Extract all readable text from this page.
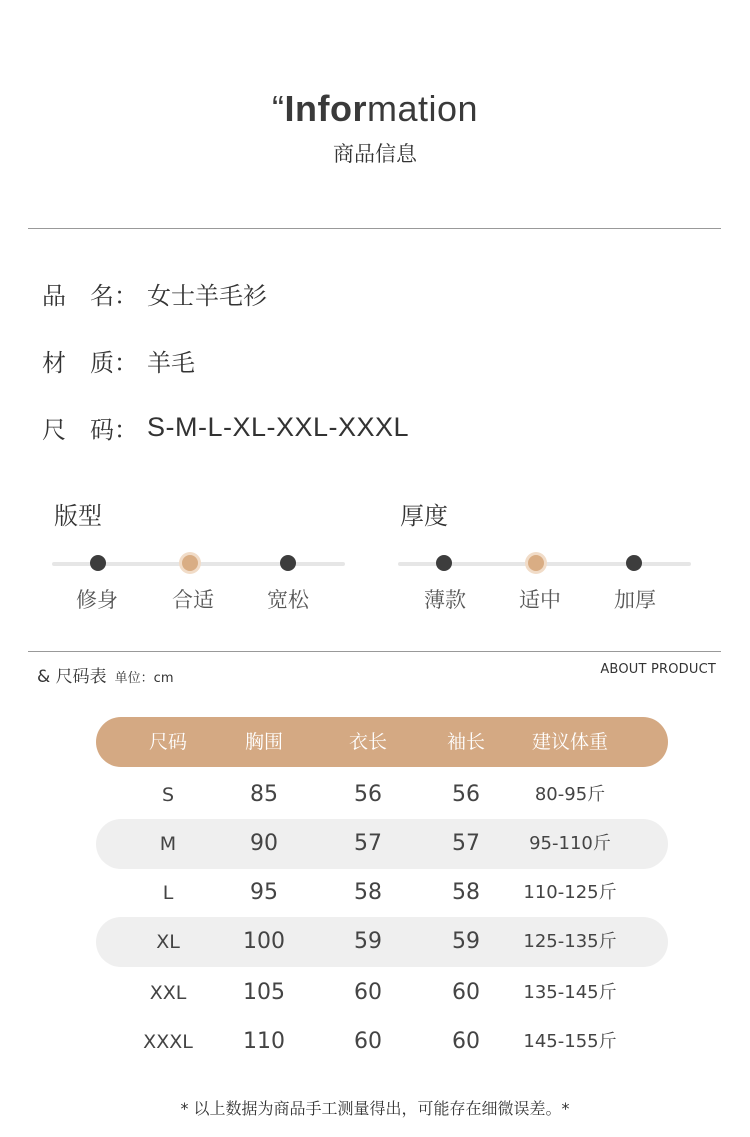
“Information
商品信息
品　名： 女士羊毛衫
材　质： 羊毛
尺　码： S-M-L-XL-XXL-XXXL
版型
修身	合适	宽松
厚度
薄款	适中	加厚
& 尺码表 单位：cm
ABOUT PRODUCT
尺码	胸围	衣长	袖长	建议体重
S	85	56	56	80-95斤
M	90	57	57	95-110斤
L	95	58	58	110-125斤
XL	100	59	59	125-135斤
XXL	105	60	60	135-145斤
XXXL	110	60	60	145-155斤
* 以上数据为商品手工测量得出，可能存在细微误差。*
